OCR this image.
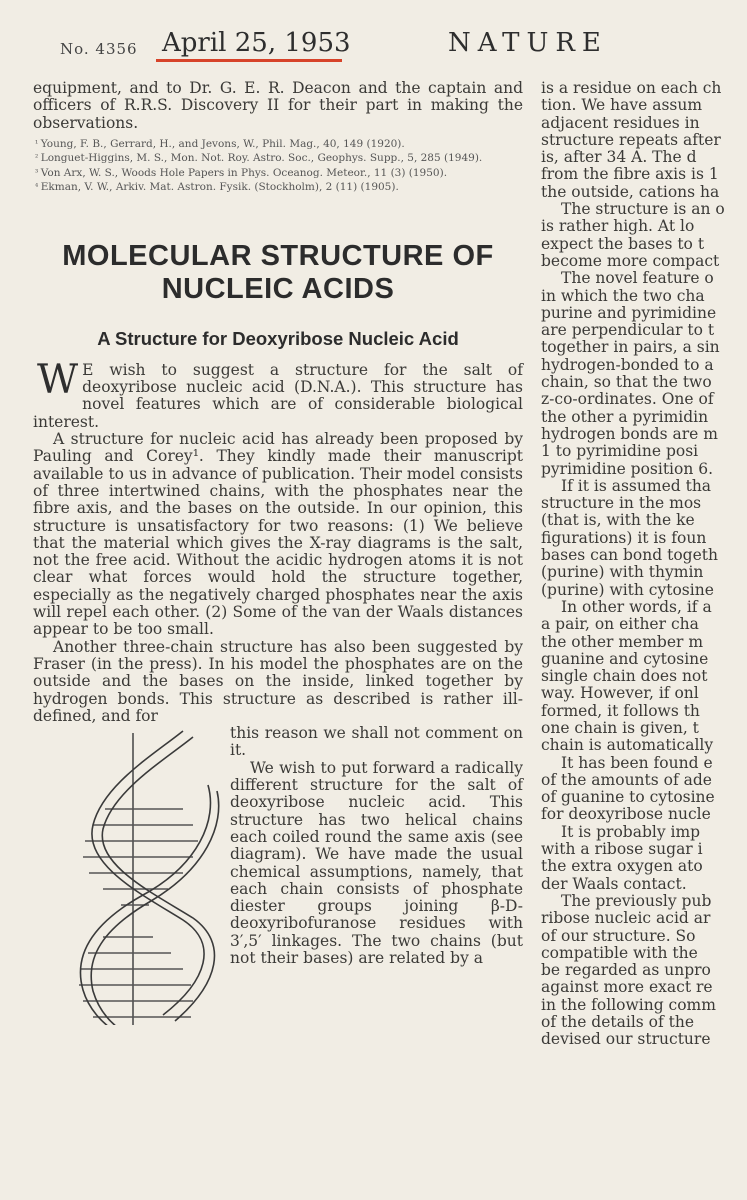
No. 4356 April 25, 1953	NATURE

equipment, and to Dr. G. E. R. Deacon and the captain and officers of R.R.S. Discovery II for their part in making the observations.

$^{^1}$ Young, F. B., Gerrard, H., and Jevons, W., Phil. Mag., 40, 149 (1920).

$^{^2}$ Longuet-Higgins, M. S., Mon. Not. Roy. Astro. Soc., Geophys. Supp., 5, 285 (1949).

$^{^3}$ Von Arx, W. S., Woods Hole Papers in Phys. Oceanog. Meteor., 11 (3) (1950).

$^{^4}$ Ekman, V. W., Arkiv. Mat. Astron. Fysik. (Stockholm), 2 (11) (1905).

MOLECULAR STRUCTURE OF
NUCLEIC ACIDS
A Structure for Deoxyribose Nucleic Acid

W E wish to suggest a structure for the salt of deoxyribose nucleic acid (D.N.A.). This structure has novel features which are of considerable biological interest.

A structure for nucleic acid has already been proposed by Pauling and Corey¹. They kindly made their manuscript available to us in advance of publication. Their model consists of three intertwined chains, with the phosphates near the fibre axis, and the bases on the outside. In our opinion, this structure is unsatisfactory for two reasons: (1) We believe that the material which gives the X-ray diagrams is the salt, not the free acid. Without the acidic hydrogen atoms it is not clear what forces would hold the structure together, especially as the negatively charged phosphates near the axis will repel each other. (2) Some of the van der Waals distances appear to be too small.

Another three-chain structure has also been suggested by Fraser (in the press). In his model the phosphates are on the outside and the bases on the inside, linked together by hydrogen bonds. This structure as described is rather ill-defined, and for

this reason we shall not comment on it.

We wish to put forward a radically different structure for the salt of deoxyribose nucleic acid. This structure has two helical chains each coiled round the same axis (see diagram). We have made the usual chemical assumptions, namely, that each chain consists of phosphate diester groups joining β-D-deoxyribofuranose residues with 3′,5′ linkages. The two chains (but not their bases) are related by a

is a residue on each ch

tion. We have assum

adjacent residues in

structure repeats after

is, after 34 A. The d

from the fibre axis is 1

the outside, cations ha

The structure is an o

is rather high. At lo

expect the bases to t

become more compact

The novel feature o

in which the two cha

purine and pyrimidine

are perpendicular to t

together in pairs, a sin

hydrogen-bonded to a

chain, so that the two

z-co-ordinates. One of

the other a pyrimidin

hydrogen bonds are m

1 to pyrimidine posi

pyrimidine position 6.

If it is assumed tha

structure in the mos

(that is, with the ke

figurations) it is foun

bases can bond togeth

(purine) with thymin

(purine) with cytosine

In other words, if a

a pair, on either cha

the other member m

guanine and cytosine

single chain does not

way. However, if onl

formed, it follows th

one chain is given, t

chain is automatically

It has been found e

of the amounts of ade

of guanine to cytosine

for deoxyribose nucle

It is probably imp

with a ribose sugar i

the extra oxygen ato

der Waals contact.

The previously pub

ribose nucleic acid ar

of our structure. So

compatible with the

be regarded as unpro

against more exact re

in the following comm

of the details of the

devised our structure
